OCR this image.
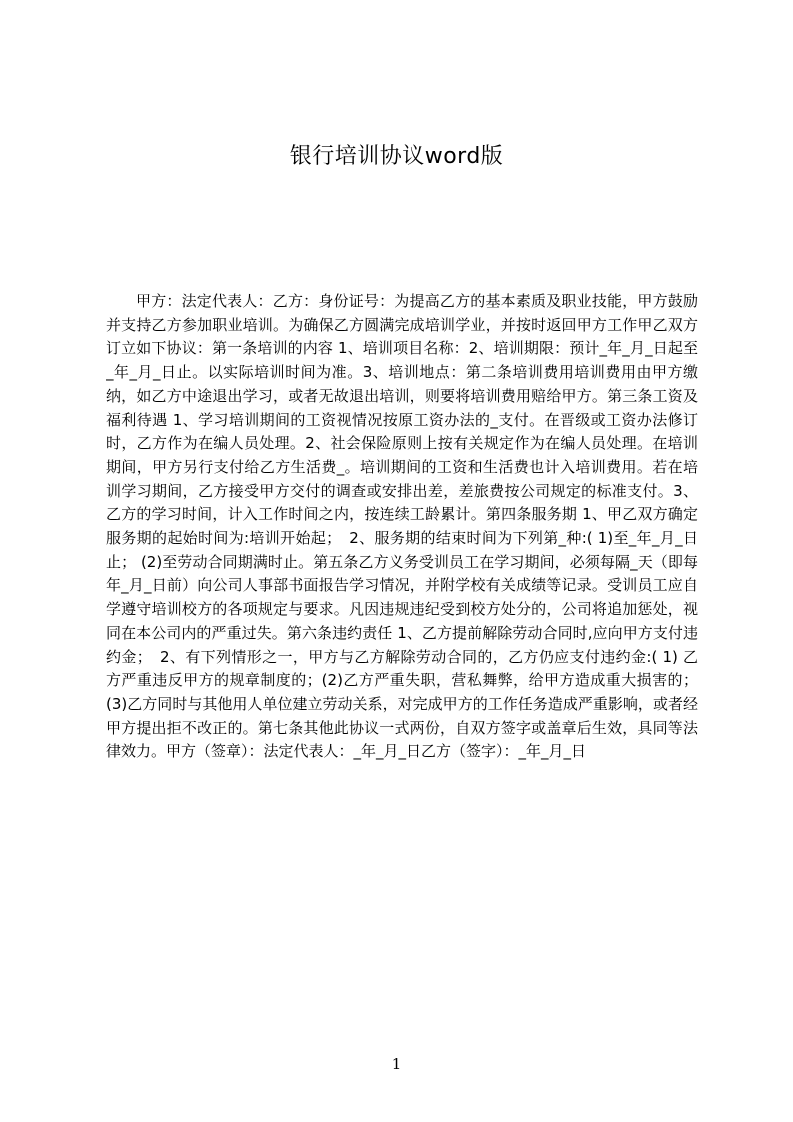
银行培训协议word版
甲方：法定代表人：乙方：身份证号：为提高乙方的基本素质及职业技能，甲方鼓励并支持乙方参加职业培训。为确保乙方圆满完成培训学业，并按时返回甲方工作甲乙双方订立如下协议：第一条培训的内容 1、培训项目名称：2、培训期限：预计_年_月_日起至_年_月_日止。以实际培训时间为准。3、培训地点：第二条培训费用培训费用由甲方缴纳，如乙方中途退出学习，或者无故退出培训，则要将培训费用赔给甲方。第三条工资及福利待遇 1、学习培训期间的工资视情况按原工资办法的_支付。在晋级或工资办法修订时，乙方作为在编人员处理。2、社会保险原则上按有关规定作为在编人员处理。在培训期间，甲方另行支付给乙方生活费_。培训期间的工资和生活费也计入培训费用。若在培训学习期间，乙方接受甲方交付的调查或安排出差，差旅费按公司规定的标准支付。3、乙方的学习时间，计入工作时间之内，按连续工龄累计。第四条服务期 1、甲乙双方确定服务期的起始时间为:培训开始起；　2、服务期的结束时间为下列第_种:( 1)至_年_月_日止； (2)至劳动合同期满时止。第五条乙方义务受训员工在学习期间，必须每隔_天（即每年_月_日前）向公司人事部书面报告学习情况，并附学校有关成绩等记录。受训员工应自学遵守培训校方的各项规定与要求。凡因违规违纪受到校方处分的，公司将追加惩处，视同在本公司内的严重过失。第六条违约责任 1、乙方提前解除劳动合同时,应向甲方支付违约金；　2、有下列情形之一，甲方与乙方解除劳动合同的，乙方仍应支付违约金:( 1) 乙方严重违反甲方的规章制度的；(2)乙方严重失职，营私舞弊，给甲方造成重大损害的；(3)乙方同时与其他用人单位建立劳动关系，对完成甲方的工作任务造成严重影响，或者经甲方提出拒不改正的。第七条其他此协议一式两份，自双方签字或盖章后生效，具同等法律效力。甲方（签章）：法定代表人：_年_月_日乙方（签字）：_年_月_日
1
